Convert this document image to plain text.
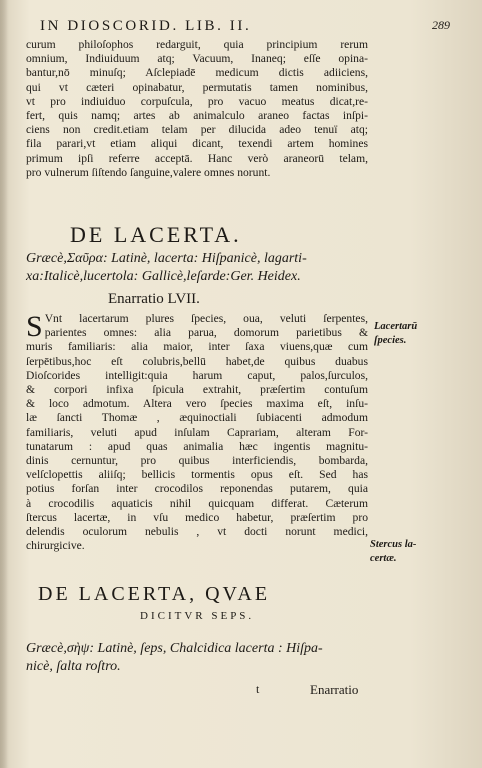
IN DIOSCORID. LIB. II.	289
curum philoſophos redarguit, quia principium rerum
omnium, Indiuiduum atq; Vacuum, Inaneq; eſſe opina-
bantur,nō minuſq; Aſclepiadē medicum dictis adiiciens,
qui vt cæteri opinabatur, permutatis tamen nominibus,
vt pro indiuiduo corpuſcula, pro vacuo meatus dicat,re-
fert, quis namq; artes ab animalculo araneo factas inſpi-
ciens non credit.etiam telam per dilucida adeo tenuï atq;
fila parari,vt etiam aliqui dicant, texendi artem homines
primum ipſi referre acceptā. Hanc verò araneorū telam,
pro vulnerum ſiſtendo ſanguine,valere omnes norunt.
DE LACERTA.
Græcè,Σαῦρα: Latinè, lacerta: Hiſpanicè, lagarti-
xa:Italicè,lucertola: Gallicè,leſarde:Ger. Heidex.
Enarratio LVII.
S Vnt lacertarum plures ſpecies, oua, veluti ſerpentes,
parientes omnes: alia parua, domorum parietibus &
muris familiaris: alia maior, inter ſaxa viuens,quæ cum
ſerpētibus,hoc eſt colubris,bellū habet,de quibus duabus
Dioſcorides intelligit:quia harum caput, palos,ſurculos,
& corpori infixa ſpicula extrahit, præſertim contuſum
& loco admotum. Altera vero ſpecies maxima eſt, inſu-
læ ſancti Thomæ , æquinoctiali ſubiacenti admodum
familiaris, veluti apud inſulam Caprariam, alteram For-
tunatarum : apud quas animalia hæc ingentis magnitu-
dinis cernuntur, pro quibus interficiendis, bombarda,
velſclopettis aliiſq; bellicis tormentis opus eſt. Sed has
potius forſan inter crocodilos reponendas putarem, quia
à crocodilis aquaticis nihil quicquam differat. Cæterum
ſtercus lacertæ, in vſu medico habetur, præſertim pro
delendis oculorum nebulis , vt docti norunt medici,
chirurgicive.
Lacertarū
ſpecies.
Stercus la-
certæ.
DE LACERTA, QVAE
DICITVR SEPS.
Græcè,σὴψ: Latinè, ſeps, Chalcidica lacerta : Hiſpa-
nicè, ſalta roſtro.
t	Enarratio
